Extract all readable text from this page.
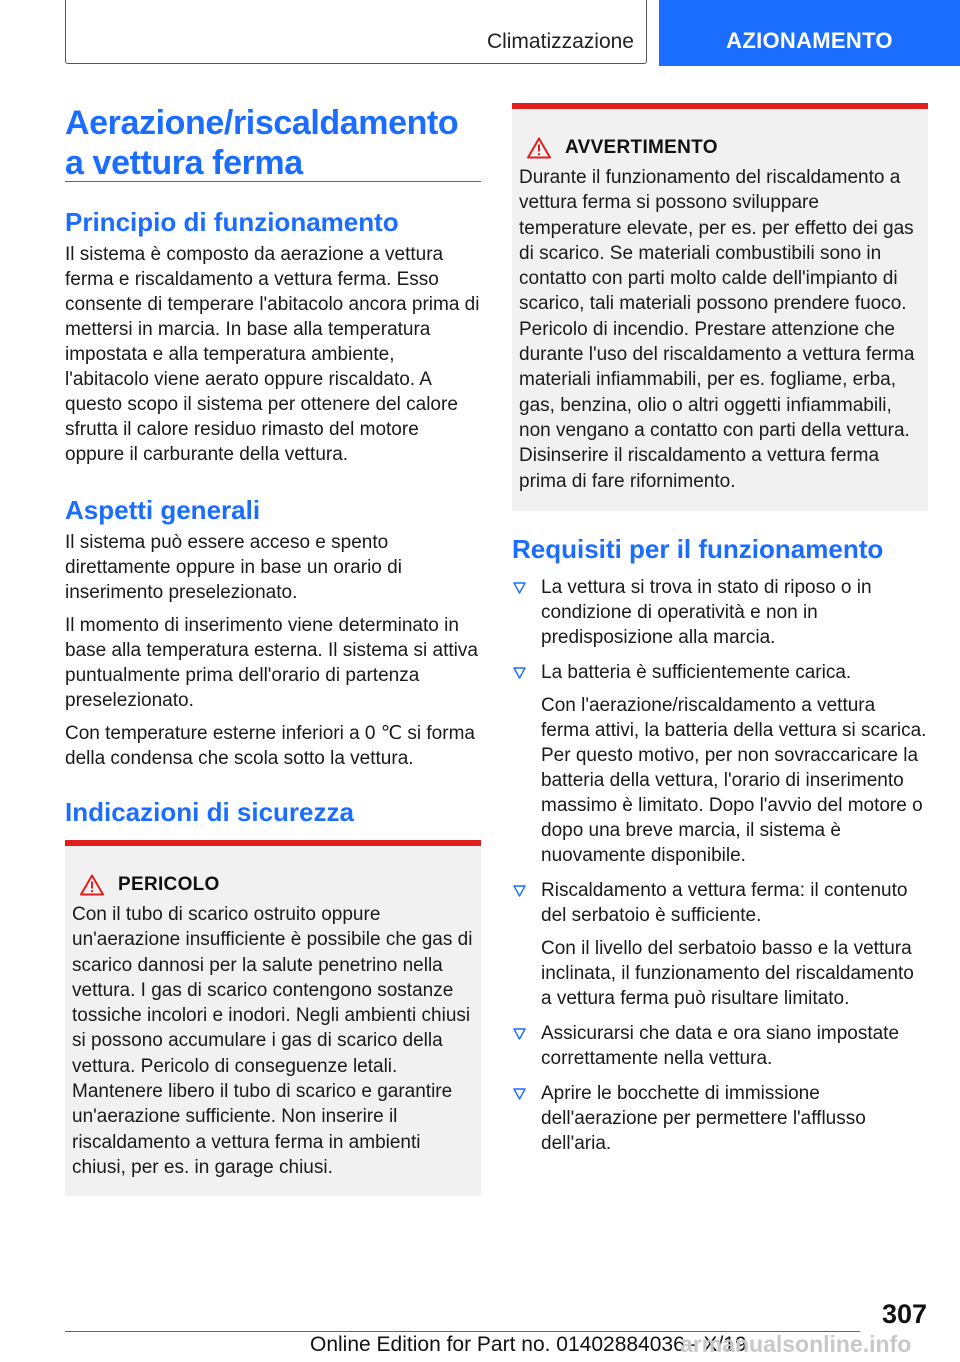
Climatizzazione	AZIONAMENTO
Aerazione/riscaldamento a vettura ferma
Principio di funzionamento

Il sistema è composto da aerazione a vettura ferma e riscaldamento a vettura ferma. Esso consente di temperare l'abitacolo ancora prima di mettersi in marcia. In base alla temperatura impostata e alla temperatura ambiente, l'abitacolo viene aerato oppure riscaldato. A questo scopo il sistema per ottenere del calore sfrutta il calore residuo rimasto del motore oppure il carburante della vettura.

Aspetti generali

Il sistema può essere acceso e spento direttamente oppure in base un orario di inserimento preselezionato.

Il momento di inserimento viene determinato in base alla temperatura esterna. Il sistema si attiva puntualmente prima dell'orario di partenza preselezionato.

Con temperature esterne inferiori a 0 ℃ si forma della condensa che scola sotto la vettura.

Indicazioni di sicurezza
PERICOLO

Con il tubo di scarico ostruito oppure un'aerazione insufficiente è possibile che gas di scarico dannosi per la salute penetrino nella vettura. I gas di scarico contengono sostanze tossiche incolori e inodori. Negli ambienti chiusi si possono accumulare i gas di scarico della vettura. Pericolo di conseguenze letali. Mantenere libero il tubo di scarico e garantire un'aerazione sufficiente. Non inserire il riscaldamento a vettura ferma in ambienti chiusi, per es. in garage chiusi.

AVVERTIMENTO

Durante il funzionamento del riscaldamento a vettura ferma si possono sviluppare temperature elevate, per es. per effetto dei gas di scarico. Se materiali combustibili sono in contatto con parti molto calde dell'impianto di scarico, tali materiali possono prendere fuoco. Pericolo di incendio. Prestare attenzione che durante l'uso del riscaldamento a vettura ferma materiali infiammabili, per es. fogliame, erba, gas, benzina, olio o altri oggetti infiammabili, non vengano a contatto con parti della vettura. Disinserire il riscaldamento a vettura ferma prima di fare rifornimento.

Requisiti per il funzionamento

La vettura si trova in stato di riposo o in condizione di operatività e non in predisposizione alla marcia.

La batteria è sufficientemente carica.

Con l'aerazione/riscaldamento a vettura ferma attivi, la batteria della vettura si scarica. Per questo motivo, per non sovraccaricare la batteria della vettura, l'orario di inserimento massimo è limitato. Dopo l'avvio del motore o dopo una breve marcia, il sistema è nuovamente disponibile.

Riscaldamento a vettura ferma: il contenuto del serbatoio è sufficiente.

Con il livello del serbatoio basso e la vettura inclinata, il funzionamento del riscaldamento a vettura ferma può risultare limitato.

Assicurarsi che data e ora siano impostate correttamente nella vettura.

Aprire le bocchette di immissione dell'aerazione per permettere l'afflusso dell'aria.

307
Online Edition for Part no. 01402884036 - X/19
armanualsonline.info
